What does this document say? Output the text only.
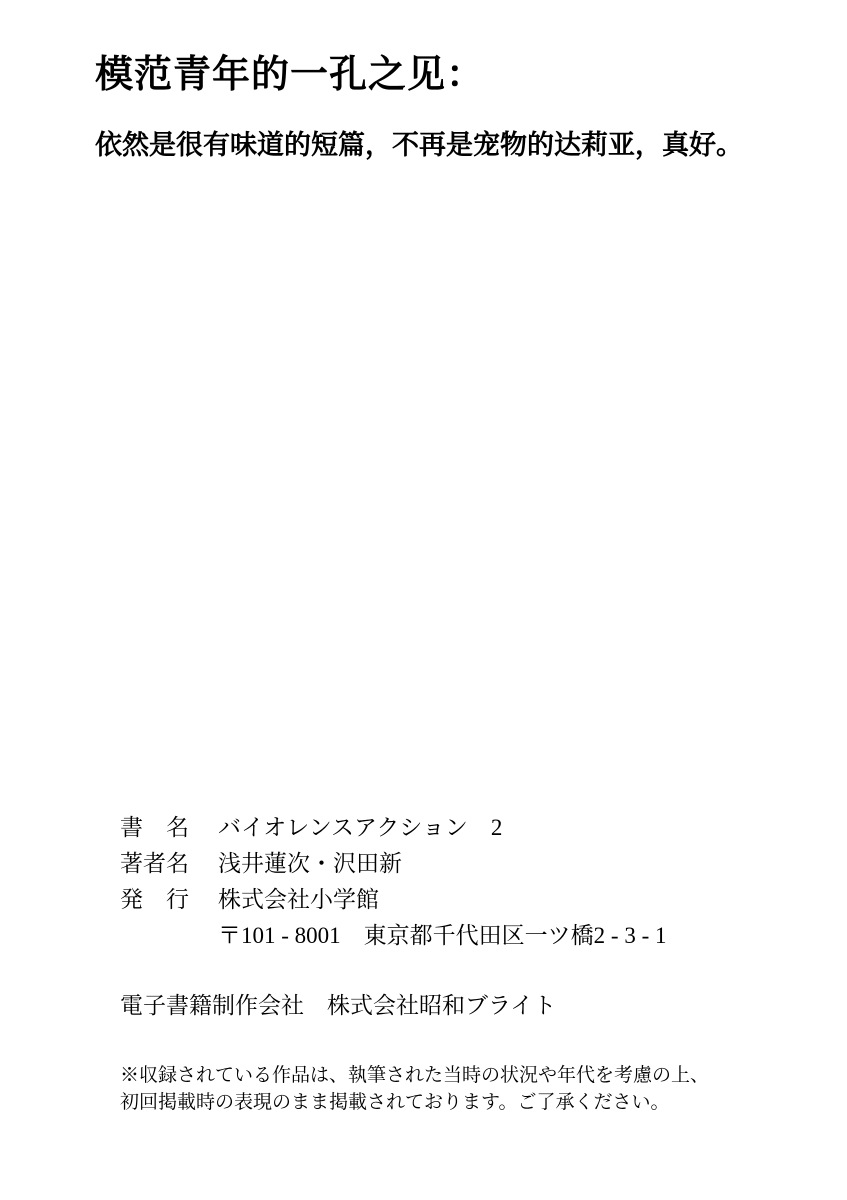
模范青年的一孔之见：

依然是很有味道的短篇，不再是宠物的达莉亚，真好。

書　名	バイオレンスアクション　2
著者名	浅井蓮次・沢田新
発　行	株式会社小学館
〒101 - 8001　東京都千代田区一ツ橋2 - 3 - 1

電子書籍制作会社　株式会社昭和ブライト

※収録されている作品は、執筆された当時の状況や年代を考慮の上、

初回掲載時の表現のまま掲載されております。ご了承ください。
